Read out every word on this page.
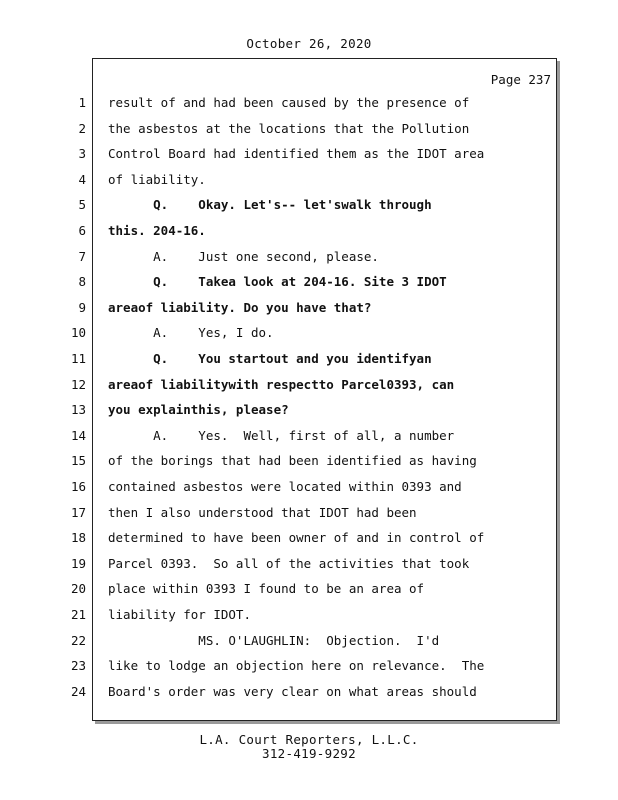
October 26, 2020
Page 237
1 result of and had been caused by the presence of
2 the asbestos at the locations that the Pollution
3 Control Board had identified them as the IDOT area
4 of liability.
5 Q.    Okay. Let's-- let'swalk through
6 this. 204-16.
7 A.    Just one second, please.
8 Q.    Takea look at 204-16. Site 3 IDOT
9 areaof liability. Do you have that?
10 A.    Yes, I do.
11 Q.    You startout and you identifyan
12 areaof liabilitywith respectto Parcel0393, can
13 you explainthis, please?
14 A.    Yes.  Well, first of all, a number
15 of the borings that had been identified as having
16 contained asbestos were located within 0393 and
17 then I also understood that IDOT had been
18 determined to have been owner of and in control of
19 Parcel 0393.  So all of the activities that took
20 place within 0393 I found to be an area of
21 liability for IDOT.
22 MS. O'LAUGHLIN:  Objection.  I'd
23 like to lodge an objection here on relevance.  The
24 Board's order was very clear on what areas should
L.A. Court Reporters, L.L.C.
312-419-9292
